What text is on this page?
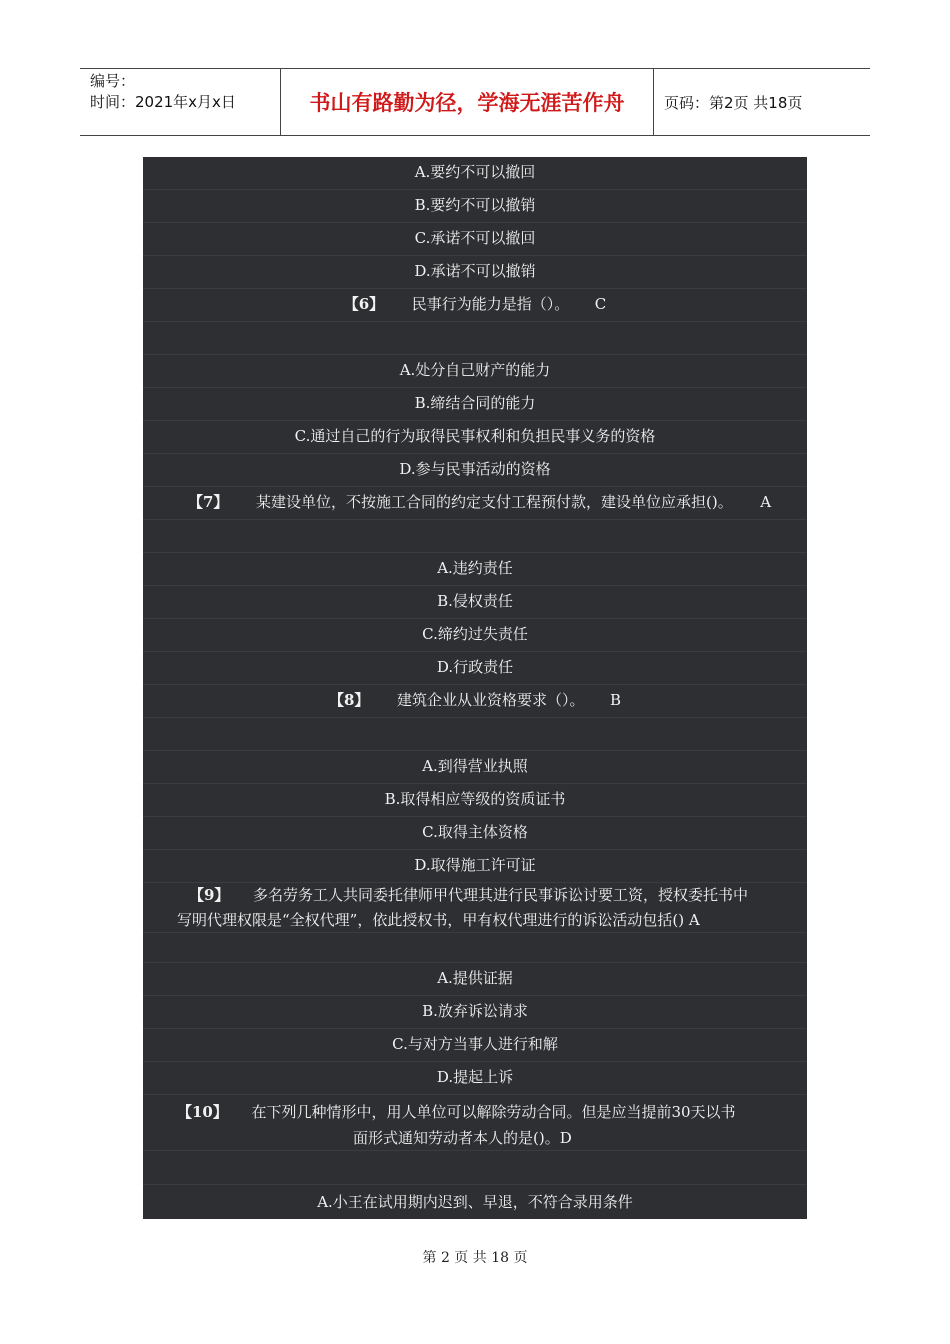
编号：
时间：2021年x月x日	书山有路勤为径，学海无涯苦作舟	页码：第2页 共18页
A.要约不可以撤回
B.要约不可以撤销
C.承诺不可以撤回
D.承诺不可以撤销
【6】 民事行为能力是指（）。 C
A.处分自己财产的能力
B.缔结合同的能力
C.通过自己的行为取得民事权利和负担民事义务的资格
D.参与民事活动的资格
【7】 某建设单位，不按施工合同的约定支付工程预付款，建设单位应承担()。 A
A.违约责任
B.侵权责任
C.缔约过失责任
D.行政责任
【8】 建筑企业从业资格要求（）。 B
A.到得营业执照
B.取得相应等级的资质证书
C.取得主体资格
D.取得施工许可证
【9】 多名劳务工人共同委托律师甲代理其进行民事诉讼讨要工资，授权委托书中
写明代理权限是“全权代理”，依此授权书，甲有权代理进行的诉讼活动包括() A
A.提供证据
B.放弃诉讼请求
C.与对方当事人进行和解
D.提起上诉
【10】 在下列几种情形中，用人单位可以解除劳动合同。但是应当提前30天以书
面形式通知劳动者本人的是()。D
A.小王在试用期内迟到、早退，不符合录用条件
第 2 页 共 18 页
